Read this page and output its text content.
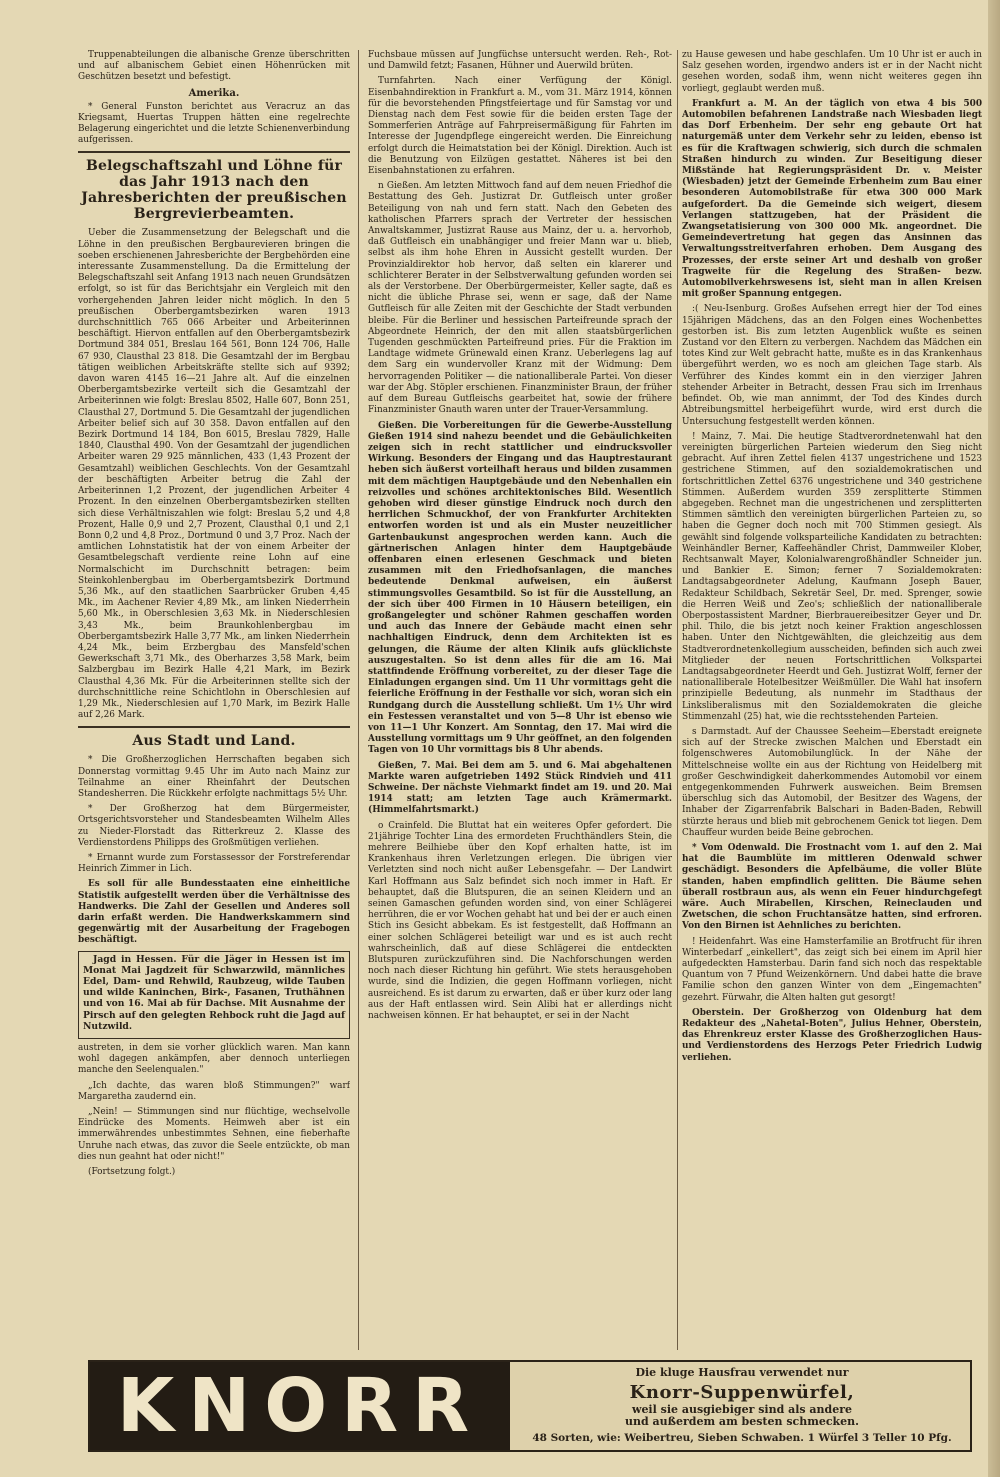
Truppenabteilungen die albanische Grenze überschritten und auf albanischem Gebiet einen Höhenrücken mit Geschützen besetzt und befestigt.

Amerika.

* General Funston berichtet aus Veracruz an das Kriegsamt, Huertas Truppen hätten eine regelrechte Belagerung eingerichtet und die letzte Schienenverbindung aufgerissen.

Belegschaftszahl und Löhne für das Jahr 1913 nach den Jahresberichten der preußischen Bergrevierbeamten.

Ueber die Zusammensetzung der Belegschaft und die Löhne in den preußischen Bergbaurevieren bringen die soeben erschienenen Jahresberichte der Bergbehörden eine interessante Zusammenstellung. Da die Ermittelung der Belegschaftszahl seit Anfang 1913 nach neuen Grundsätzen erfolgt, so ist für das Berichtsjahr ein Vergleich mit den vorhergehenden Jahren leider nicht möglich. In den 5 preußischen Oberbergamtsbezirken waren 1913 durchschnittlich 765 066 Arbeiter und Arbeiterinnen beschäftigt. Hiervon entfallen auf den Oberbergamtsbezirk Dortmund 384 051, Breslau 164 561, Bonn 124 706, Halle 67 930, Clausthal 23 818. Die Gesamtzahl der im Bergbau tätigen weiblichen Arbeitskräfte stellte sich auf 9392; davon waren 4145 16—21 Jahre alt. Auf die einzelnen Oberbergamtsbezirke verteilt sich die Gesamtzahl der Arbeiterinnen wie folgt: Breslau 8502, Halle 607, Bonn 251, Clausthal 27, Dortmund 5. Die Gesamtzahl der jugendlichen Arbeiter belief sich auf 30 358. Davon entfallen auf den Bezirk Dortmund 14 184, Bon 6015, Breslau 7829, Halle 1840, Clausthal 490. Von der Gesamtzahl der jugendlichen Arbeiter waren 29 925 männlichen, 433 (1,43 Prozent der Gesamtzahl) weiblichen Geschlechts. Von der Gesamtzahl der beschäftigten Arbeiter betrug die Zahl der Arbeiterinnen 1,2 Prozent, der jugendlichen Arbeiter 4 Prozent. In den einzelnen Oberbergamtsbezirken stellten sich diese Verhältniszahlen wie folgt: Breslau 5,2 und 4,8 Prozent, Halle 0,9 und 2,7 Prozent, Clausthal 0,1 und 2,1 Bonn 0,2 und 4,8 Proz., Dortmund 0 und 3,7 Proz. Nach der amtlichen Lohnstatistik hat der von einem Arbeiter der Gesamtbelegschaft verdiente reine Lohn auf eine Normalschicht im Durchschnitt betragen: beim Steinkohlenbergbau im Oberbergamtsbezirk Dortmund 5,36 Mk., auf den staatlichen Saarbrücker Gruben 4,45 Mk., im Aachener Revier 4,89 Mk., am linken Niederrhein 5,60 Mk., in Oberschlesien 3,63 Mk. in Niederschlesien 3,43 Mk., beim Braunkohlenbergbau im Oberbergamtsbezirk Halle 3,77 Mk., am linken Niederrhein 4,24 Mk., beim Erzbergbau des Mansfeld'schen Gewerkschaft 3,71 Mk., des Oberharzes 3,58 Mark, beim Salzbergbau im Bezirk Halle 4,21 Mark, im Bezirk Clausthal 4,36 Mk. Für die Arbeiterinnen stellte sich der durchschnittliche reine Schichtlohn in Oberschlesien auf 1,29 Mk., Niederschlesien auf 1,70 Mark, im Bezirk Halle auf 2,26 Mark.

Aus Stadt und Land.

* Die Großherzoglichen Herrschaften begaben sich Donnerstag vormittag 9.45 Uhr im Auto nach Mainz zur Teilnahme an einer Rheinfahrt der Deutschen Standesherren. Die Rückkehr erfolgte nachmittags 5½ Uhr.

* Der Großherzog hat dem Bürgermeister, Ortsgerichtsvorsteher und Standesbeamten Wilhelm Alles zu Nieder-Florstadt das Ritterkreuz 2. Klasse des Verdienstordens Philipps des Großmütigen verliehen.

* Ernannt wurde zum Forstassessor der Forstreferendar Heinrich Zimmer in Lich.

Es soll für alle Bundesstaaten eine einheitliche Statistik aufgestellt werden über die Verhältnisse des Handwerks. Die Zahl der Gesellen und Anderes soll darin erfaßt werden. Die Handwerkskammern sind gegenwärtig mit der Ausarbeitung der Fragebogen beschäftigt.

Jagd in Hessen. Für die Jäger in Hessen ist im Monat Mai Jagdzeit für Schwarzwild, männliches Edel, Dam- und Rehwild, Raubzeug, wilde Tauben und wilde Kaninchen, Birk-, Fasanen, Truthähnen und von 16. Mai ab für Dachse. Mit Ausnahme der Pirsch auf den gelegten Rehbock ruht die Jagd auf Nutzwild.

austreten, in dem sie vorher glücklich waren. Man kann wohl dagegen ankämpfen, aber dennoch unterliegen manche den Seelenqualen."

„Ich dachte, das waren bloß Stimmungen?" warf Margaretha zaudernd ein.

„Nein! — Stimmungen sind nur flüchtige, wechselvolle Eindrücke des Moments. Heimweh aber ist ein immerwährendes unbestimmtes Sehnen, eine fieberhafte Unruhe nach etwas, das zuvor die Seele entzückte, ob man dies nun geahnt hat oder nicht!"

(Fortsetzung folgt.)

Fuchsbaue müssen auf Jungfüchse untersucht werden. Reh-, Rot- und Damwild fetzt; Fasanen, Hühner und Auerwild brüten.

Turnfahrten. Nach einer Verfügung der Königl. Eisenbahndirektion in Frankfurt a. M., vom 31. März 1914, können für die bevorstehenden Pfingstfeiertage und für Samstag vor und Dienstag nach dem Fest sowie für die beiden ersten Tage der Sommerferien Anträge auf Fahrpreisermäßigung für Fahrten im Interesse der Jugendpflege eingereicht werden. Die Einreichung erfolgt durch die Heimatstation bei der Königl. Direktion. Auch ist die Benutzung von Eilzügen gestattet. Näheres ist bei den Eisenbahnstationen zu erfahren.

n Gießen. Am letzten Mittwoch fand auf dem neuen Friedhof die Bestattung des Geh. Justizrat Dr. Gutfleisch unter großer Beteiligung von nah und fern statt. Nach den Gebeten des katholischen Pfarrers sprach der Vertreter der hessischen Anwaltskammer, Justizrat Rause aus Mainz, der u. a. hervorhob, daß Gutfleisch ein unabhängiger und freier Mann war u. blieb, selbst als ihm hohe Ehren in Aussicht gestellt wurden. Der Provinzialdirektor hob hervor, daß selten ein klarerer und schlichterer Berater in der Selbstverwaltung gefunden worden sei als der Verstorbene. Der Oberbürgermeister, Keller sagte, daß es nicht die übliche Phrase sei, wenn er sage, daß der Name Gutfleisch für alle Zeiten mit der Geschichte der Stadt verbunden bleibe. Für die Berliner und hessischen Parteifreunde sprach der Abgeordnete Heinrich, der den mit allen staatsbürgerlichen Tugenden geschmückten Parteifreund pries. Für die Fraktion im Landtage widmete Grünewald einen Kranz. Ueberlegens lag auf dem Sarg ein wundervoller Kranz mit der Widmung: Dem hervorragenden Politiker — die nationalliberale Partei. Von dieser war der Abg. Stöpler erschienen. Finanzminister Braun, der früher auf dem Bureau Gutfleischs gearbeitet hat, sowie der frühere Finanzminister Gnauth waren unter der Trauer-Versammlung.

Gießen. Die Vorbereitungen für die Gewerbe-Ausstellung Gießen 1914 sind nahezu beendet und die Gebäulichkeiten zeigen sich in recht stattlicher und eindrucksvoller Wirkung. Besonders der Eingang und das Hauptrestaurant heben sich äußerst vorteilhaft heraus und bilden zusammen mit dem mächtigen Hauptgebäude und den Nebenhallen ein reizvolles und schönes architektonisches Bild. Wesentlich gehoben wird dieser günstige Eindruck noch durch den herrlichen Schmuckhof, der von Frankfurter Architekten entworfen worden ist und als ein Muster neuzeitlicher Gartenbaukunst angesprochen werden kann. Auch die gärtnerischen Anlagen hinter dem Hauptgebäude offenbaren einen erlesenen Geschmack und bieten zusammen mit den Friedhofsanlagen, die manches bedeutende Denkmal aufweisen, ein äußerst stimmungsvolles Gesamtbild. So ist für die Ausstellung, an der sich über 400 Firmen in 10 Häusern beteiligen, ein großangelegter und schöner Rahmen geschaffen worden und auch das Innere der Gebäude macht einen sehr nachhaltigen Eindruck, denn dem Architekten ist es gelungen, die Räume der alten Klinik aufs glücklichste auszugestalten. So ist denn alles für die am 16. Mai stattfindende Eröffnung vorbereitet, zu der dieser Tage die Einladungen ergangen sind. Um 11 Uhr vormittags geht die feierliche Eröffnung in der Festhalle vor sich, woran sich ein Rundgang durch die Ausstellung schließt. Um 1½ Uhr wird ein Festessen veranstaltet und von 5—8 Uhr ist ebenso wie von 11—1 Uhr Konzert. Am Sonntag, den 17. Mai wird die Ausstellung vormittags um 9 Uhr geöffnet, an den folgenden Tagen von 10 Uhr vormittags bis 8 Uhr abends.

Gießen, 7. Mai. Bei dem am 5. und 6. Mai abgehaltenen Markte waren aufgetrieben 1492 Stück Rindvieh und 411 Schweine. Der nächste Viehmarkt findet am 19. und 20. Mai 1914 statt; am letzten Tage auch Krämermarkt. (Himmelfahrtsmarkt.)

o Crainfeld. Die Bluttat hat ein weiteres Opfer gefordert. Die 21jährige Tochter Lina des ermordeten Fruchthändlers Stein, die mehrere Beilhiebe über den Kopf erhalten hatte, ist im Krankenhaus ihren Verletzungen erlegen. Die übrigen vier Verletzten sind noch nicht außer Lebensgefahr. — Der Landwirt Karl Hoffmann aus Salz befindet sich noch immer in Haft. Er behauptet, daß die Blutspuren, die an seinen Kleidern und an seinen Gamaschen gefunden worden sind, von einer Schlägerei herrühren, die er vor Wochen gehabt hat und bei der er auch einen Stich ins Gesicht abbekam. Es ist festgestellt, daß Hoffmann an einer solchen Schlägerei beteiligt war und es ist auch recht wahrscheinlich, daß auf diese Schlägerei die entdeckten Blutspuren zurückzuführen sind. Die Nachforschungen werden noch nach dieser Richtung hin geführt. Wie stets herausgehoben wurde, sind die Indizien, die gegen Hoffmann vorliegen, nicht ausreichend. Es ist darum zu erwarten, daß er über kurz oder lang aus der Haft entlassen wird. Sein Alibi hat er allerdings nicht nachweisen können. Er hat behauptet, er sei in der Nacht

zu Hause gewesen und habe geschlafen. Um 10 Uhr ist er auch in Salz gesehen worden, irgendwo anders ist er in der Nacht nicht gesehen worden, sodaß ihm, wenn nicht weiteres gegen ihn vorliegt, geglaubt werden muß.

Frankfurt a. M. An der täglich von etwa 4 bis 500 Automobilen befahrenen Landstraße nach Wiesbaden liegt das Dorf Erbenheim. Der sehr eng gebaute Ort hat naturgemäß unter dem Verkehr sehr zu leiden, ebenso ist es für die Kraftwagen schwierig, sich durch die schmalen Straßen hindurch zu winden. Zur Beseitigung dieser Mißstände hat Regierungspräsident Dr. v. Meister (Wiesbaden) jetzt der Gemeinde Erbenheim zum Bau einer besonderen Automobilstraße für etwa 300 000 Mark aufgefordert. Da die Gemeinde sich weigert, diesem Verlangen stattzugeben, hat der Präsident die Zwangsetatisierung von 300 000 Mk. angeordnet. Die Gemeindevertretung hat gegen das Ansinnen das Verwaltungsstreitverfahren erhoben. Dem Ausgang des Prozesses, der erste seiner Art und deshalb von großer Tragweite für die Regelung des Straßen- bezw. Automobilverkehrswesens ist, sieht man in allen Kreisen mit großer Spannung entgegen.

:( Neu-Isenburg. Großes Aufsehen erregt hier der Tod eines 15jährigen Mädchens, das an den Folgen eines Wochenbettes gestorben ist. Bis zum letzten Augenblick wußte es seinen Zustand vor den Eltern zu verbergen. Nachdem das Mädchen ein totes Kind zur Welt gebracht hatte, mußte es in das Krankenhaus übergeführt werden, wo es noch am gleichen Tage starb. Als Verführer des Kindes kommt ein in den vierziger Jahren stehender Arbeiter in Betracht, dessen Frau sich im Irrenhaus befindet. Ob, wie man annimmt, der Tod des Kindes durch Abtreibungsmittel herbeigeführt wurde, wird erst durch die Untersuchung festgestellt werden können.

! Mainz, 7. Mai. Die heutige Stadtverordnetenwahl hat den vereinigten bürgerlichen Parteien wiederum den Sieg nicht gebracht. Auf ihren Zettel fielen 4137 ungestrichene und 1523 gestrichene Stimmen, auf den sozialdemokratischen und fortschrittlichen Zettel 6376 ungestrichene und 340 gestrichene Stimmen. Außerdem wurden 359 zersplitterte Stimmen abgegeben. Rechnet man die ungestrichenen und zersplitterten Stimmen sämtlich den vereinigten bürgerlichen Parteien zu, so haben die Gegner doch noch mit 700 Stimmen gesiegt. Als gewählt sind folgende volksparteiliche Kandidaten zu betrachten: Weinhändler Berner, Kaffeehändler Christ, Dammweiler Klober, Rechtsanwalt Mayer, Kolonialwarengroßhändler Schneider jun. und Bankier E. Simon; ferner 7 Sozialdemokraten: Landtagsabgeordneter Adelung, Kaufmann Joseph Bauer, Redakteur Schildbach, Sekretär Seel, Dr. med. Sprenger, sowie die Herren Weiß und Zeo's; schließlich der nationalliberale Oberpostassistent Mardner, Bierbrauereibesitzer Geyer und Dr. phil. Thilo, die bis jetzt noch keiner Fraktion angeschlossen haben. Unter den Nichtgewählten, die gleichzeitig aus dem Stadtverordnetenkollegium ausscheiden, befinden sich auch zwei Mitglieder der neuen Fortschrittlichen Volkspartei Landtagsabgeordneter Heerdt und Geh. Justizrat Wolff, ferner der nationalliberale Hotelbesitzer Weißmüller. Die Wahl hat insofern prinzipielle Bedeutung, als nunmehr im Stadthaus der Linksliberalismus mit den Sozialdemokraten die gleiche Stimmenzahl (25) hat, wie die rechtsstehenden Parteien.

s Darmstadt. Auf der Chaussee Seeheim—Eberstadt ereignete sich auf der Strecke zwischen Malchen und Eberstadt ein folgenschweres Automobilunglück. In der Nähe der Mittelschneise wollte ein aus der Richtung von Heidelberg mit großer Geschwindigkeit daherkommendes Automobil vor einem entgegenkommenden Fuhrwerk ausweichen. Beim Bremsen überschlug sich das Automobil, der Besitzer des Wagens, der Inhaber der Zigarrenfabrik Balschari in Baden-Baden, Rebwill stürzte heraus und blieb mit gebrochenem Genick tot liegen. Dem Chauffeur wurden beide Beine gebrochen.

* Vom Odenwald. Die Frostnacht vom 1. auf den 2. Mai hat die Baumblüte im mittleren Odenwald schwer geschädigt. Besonders die Apfelbäume, die voller Blüte standen, haben empfindlich gelitten. Die Bäume sehen überall rostbraun aus, als wenn ein Feuer hindurchgefegt wäre. Auch Mirabellen, Kirschen, Reineclauden und Zwetschen, die schon Fruchtansätze hatten, sind erfroren. Von den Birnen ist Aehnliches zu berichten.

! Heidenfahrt. Was eine Hamsterfamilie an Brotfrucht für ihren Winterbedarf „einkellert", das zeigt sich bei einem im April hier aufgedeckten Hamsterbau. Darin fand sich noch das respektable Quantum von 7 Pfund Weizenkörnern. Und dabei hatte die brave Familie schon den ganzen Winter von dem „Eingemachten" gezehrt. Fürwahr, die Alten halten gut gesorgt!

Oberstein. Der Großherzog von Oldenburg hat dem Redakteur des „Nahetal-Boten", Julius Hehner, Oberstein, das Ehrenkreuz erster Klasse des Großherzoglichen Haus- und Verdienstordens des Herzogs Peter Friedrich Ludwig verliehen.

KNORR	Die kluge Hausfrau verwendet nur
Knorr-Suppenwürfel,
weil sie ausgiebiger sind als andere
und außerdem am besten schmecken.
48 Sorten, wie: Weibertreu, Sieben Schwaben. 1 Würfel 3 Teller 10 Pfg.
